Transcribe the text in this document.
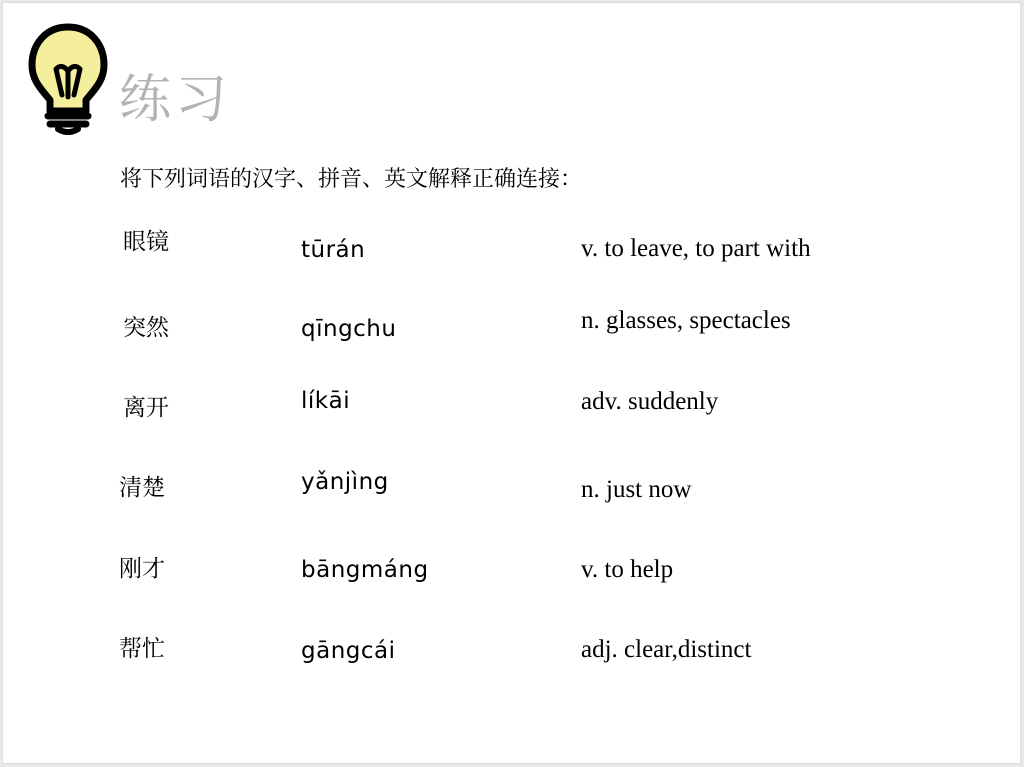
练习
将下列词语的汉字、拼音、英文解释正确连接：
眼镜
突然
离开
清楚
刚才
帮忙
tūrán
qīngchu
líkāi
yǎnjìng
bāngmáng
gāngcái
v. to leave, to part with
n. glasses, spectacles
adv. suddenly
n. just now
v. to help
adj. clear,distinct
